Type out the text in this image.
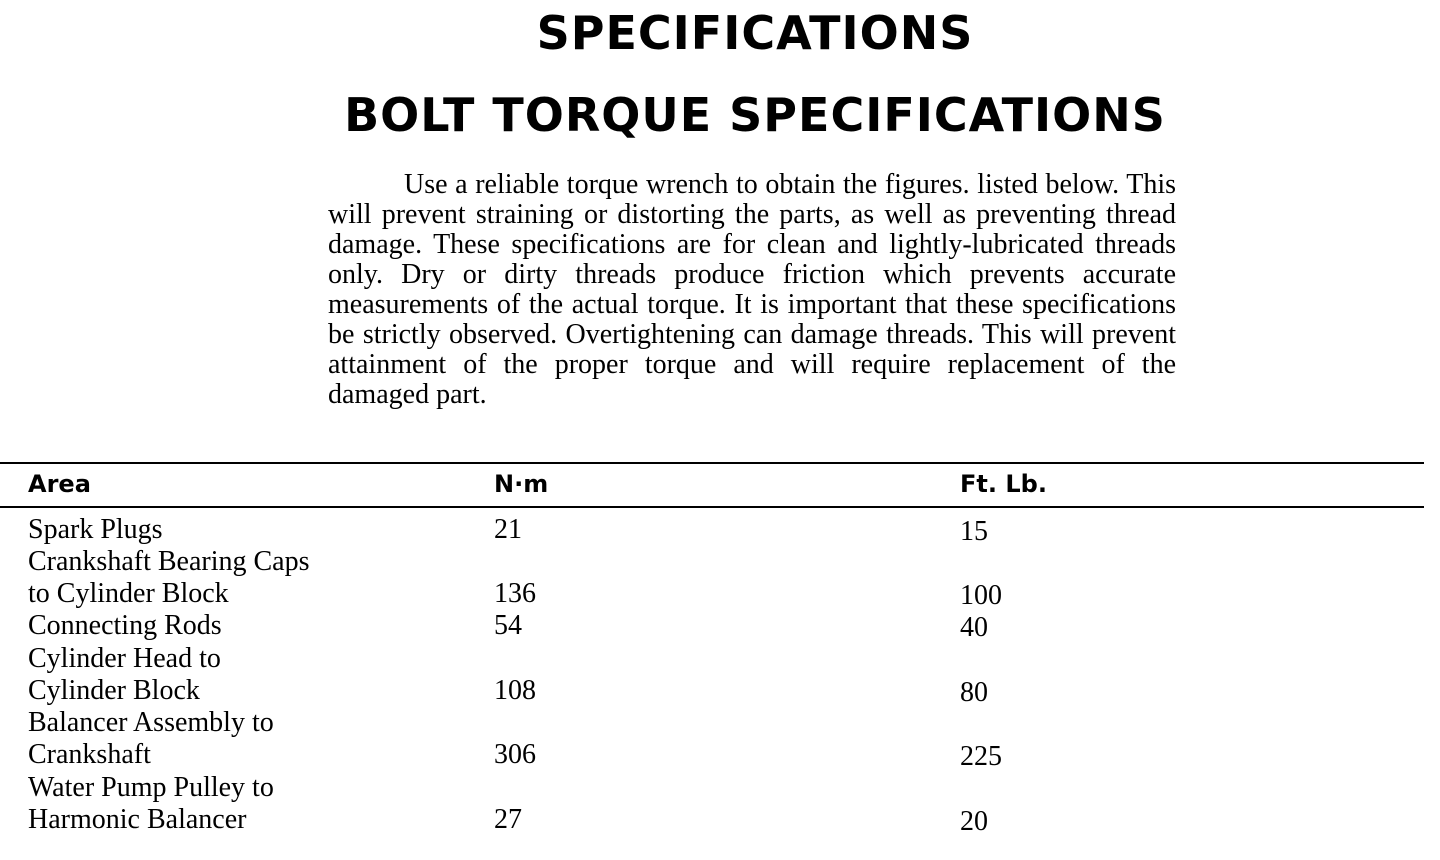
SPECIFICATIONS
BOLT TORQUE SPECIFICATIONS

Use a reliable torque wrench to obtain the figures. listed below. This will prevent straining or distorting the parts, as well as preventing thread damage. These specifications are for clean and lightly-lubricated threads only. Dry or dirty threads produce friction which prevents accurate measurements of the actual torque. It is important that these specifications be strictly observed. Overtightening can damage threads. This will prevent attainment of the proper torque and will require replacement of the damaged part.

Area	N·m	Ft. Lb.
Spark Plugs	21	15
Crankshaft Bearing Caps
to Cylinder Block	136	100
Connecting Rods	54	40
Cylinder Head to
Cylinder Block	108	80
Balancer Assembly to
Crankshaft	306	225
Water Pump Pulley to
Harmonic Balancer	27	20
